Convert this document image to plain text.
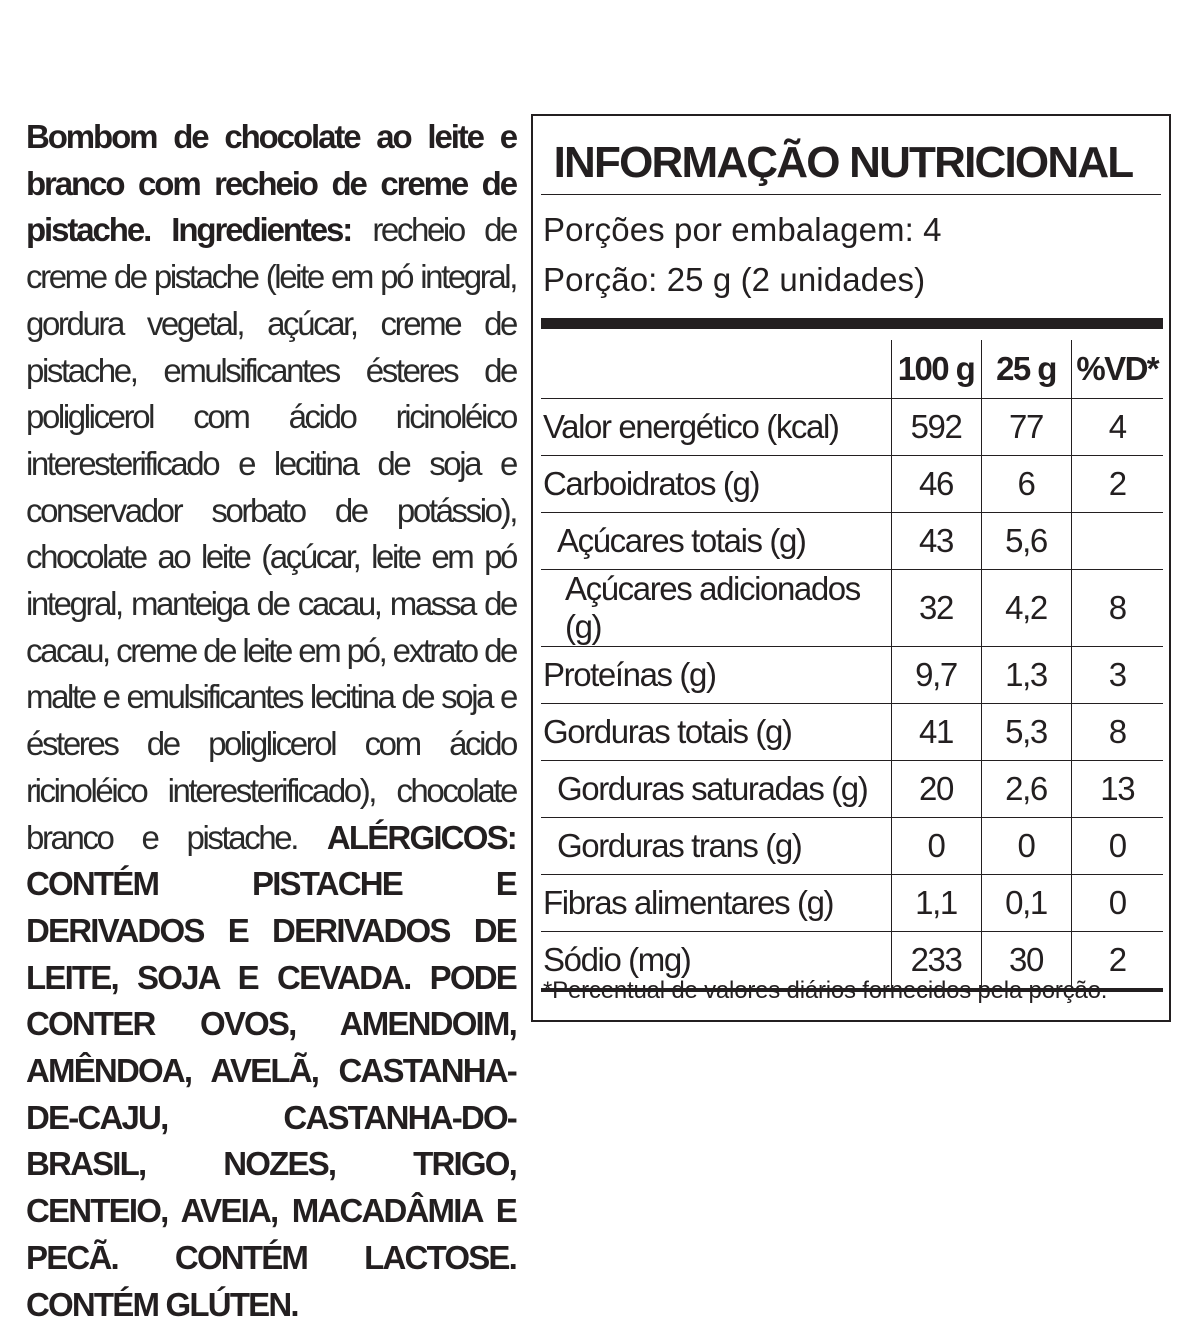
Bombom de chocolate ao leite e branco com recheio de creme de pistache. Ingredientes: recheio de creme de pistache (leite em pó integral, gordura vegetal, açúcar, creme de pistache, emulsificantes ésteres de poliglicerol com ácido ricinoléico interesterificado e lecitina de soja e conservador sorbato de potássio), chocolate ao leite (açúcar, leite em pó integral, manteiga de cacau, massa de cacau, creme de leite em pó, extrato de malte e emulsificantes lecitina de soja e ésteres de poliglicerol com ácido ricinoléico interesterificado), chocolate branco e pistache. ALÉRGICOS: CONTÉM PISTACHE E DERIVADOS E DERIVADOS DE LEITE, SOJA E CEVADA. PODE CONTER OVOS, AMENDOIM, AMÊNDOA, AVELÃ, CASTANHA-DE-CAJU, CASTANHA-DO-BRASIL, NOZES, TRIGO, CENTEIO, AVEIA, MACADÂMIA E PECÃ. CONTÉM LACTOSE. CONTÉM GLÚTEN.
INFORMAÇÃO NUTRICIONAL
Porções por embalagem: 4
Porção: 25 g (2 unidades)
	100 g	25 g	%VD*
Valor energético (kcal)	592	77	4
Carboidratos (g)	46	6	2
Açúcares totais (g)	43	5,6	
Açúcares adicionados (g)	32	4,2	8
Proteínas (g)	9,7	1,3	3
Gorduras totais (g)	41	5,3	8
Gorduras saturadas (g)	20	2,6	13
Gorduras trans (g)	0	0	0
Fibras alimentares (g)	1,1	0,1	0
Sódio (mg)	233	30	2
*Percentual de valores diários fornecidos pela porção.
